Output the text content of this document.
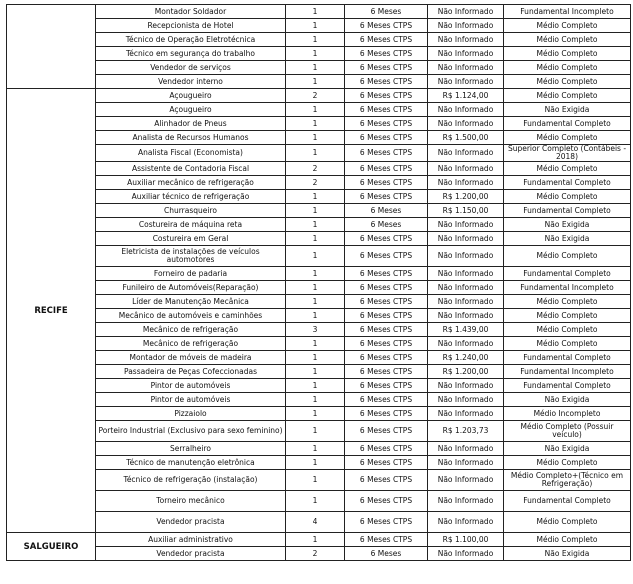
	Montador Soldador	1	6 Meses	Não Informado	Fundamental Incompleto
	Recepcionista de Hotel	1	6 Meses CTPS	Não Informado	Médio Completo
	Técnico de Operação Eletrotécnica	1	6 Meses CTPS	Não Informado	Médio Completo
	Técnico em segurança do trabalho	1	6 Meses CTPS	Não Informado	Médio Completo
	Vendedor de serviços	1	6 Meses CTPS	Não Informado	Médio Completo
	Vendedor interno	1	6 Meses CTPS	Não Informado	Médio Completo
RECIFE	Açougueiro	2	6 Meses CTPS	R$ 1.124,00	Médio Completo
	Açougueiro	1	6 Meses CTPS	Não Informado	Não Exigida
	Alinhador de Pneus	1	6 Meses CTPS	Não Informado	Fundamental Completo
	Analista de Recursos Humanos	1	6 Meses CTPS	R$ 1.500,00	Médio Completo
	Analista Fiscal (Economista)	1	6 Meses CTPS	Não Informado	Superior Completo (Contábeis - 2018)
	Assistente de Contadoria Fiscal	2	6 Meses CTPS	Não Informado	Médio Completo
	Auxiliar mecânico de refrigeração	2	6 Meses CTPS	Não Informado	Fundamental Completo
	Auxiliar técnico de refrigeração	1	6 Meses CTPS	R$ 1.200,00	Médio Completo
	Churrasqueiro	1	6 Meses	R$ 1.150,00	Fundamental Completo
	Costureira de máquina reta	1	6 Meses	Não Informado	Não Exigida
	Costureira em Geral	1	6 Meses CTPS	Não Informado	Não Exigida
	Eletricista de instalações de veículos automotores	1	6 Meses CTPS	Não Informado	Médio Completo
	Forneiro de padaria	1	6 Meses CTPS	Não Informado	Fundamental Completo
	Funileiro de Automóveis(Reparação)	1	6 Meses CTPS	Não Informado	Fundamental Incompleto
	Líder de Manutenção Mecânica	1	6 Meses CTPS	Não Informado	Médio Completo
	Mecânico de automóveis e caminhões	1	6 Meses CTPS	Não Informado	Médio Completo
	Mecânico de refrigeração	3	6 Meses CTPS	R$ 1.439,00	Médio Completo
	Mecânico de refrigeração	1	6 Meses CTPS	Não Informado	Médio Completo
	Montador de móveis de madeira	1	6 Meses CTPS	R$ 1.240,00	Fundamental Completo
	Passadeira de Peças Cofeccionadas	1	6 Meses CTPS	R$ 1.200,00	Fundamental Incompleto
	Pintor de automóveis	1	6 Meses CTPS	Não Informado	Fundamental Completo
	Pintor de automóveis	1	6 Meses CTPS	Não Informado	Não Exigida
	Pizzaiolo	1	6 Meses CTPS	Não Informado	Médio Incompleto
	Porteiro Industrial (Exclusivo para sexo feminino)	1	6 Meses CTPS	R$ 1.203,73	Médio Completo (Possuir veículo)
	Serralheiro	1	6 Meses CTPS	Não Informado	Não Exigida
	Técnico de manutenção eletrônica	1	6 Meses CTPS	Não Informado	Médio Completo
	Técnico de refrigeração (instalação)	1	6 Meses CTPS	Não Informado	Médio Completo+(Técnico em Refrigeração)
	Torneiro mecânico	1	6 Meses CTPS	Não Informado	Fundamental Completo
	Vendedor pracista	4	6 Meses CTPS	Não Informado	Médio Completo
SALGUEIRO	Auxiliar administrativo	1	6 Meses CTPS	R$ 1.100,00	Médio Completo
	Vendedor pracista	2	6 Meses	Não Informado	Não Exigida
